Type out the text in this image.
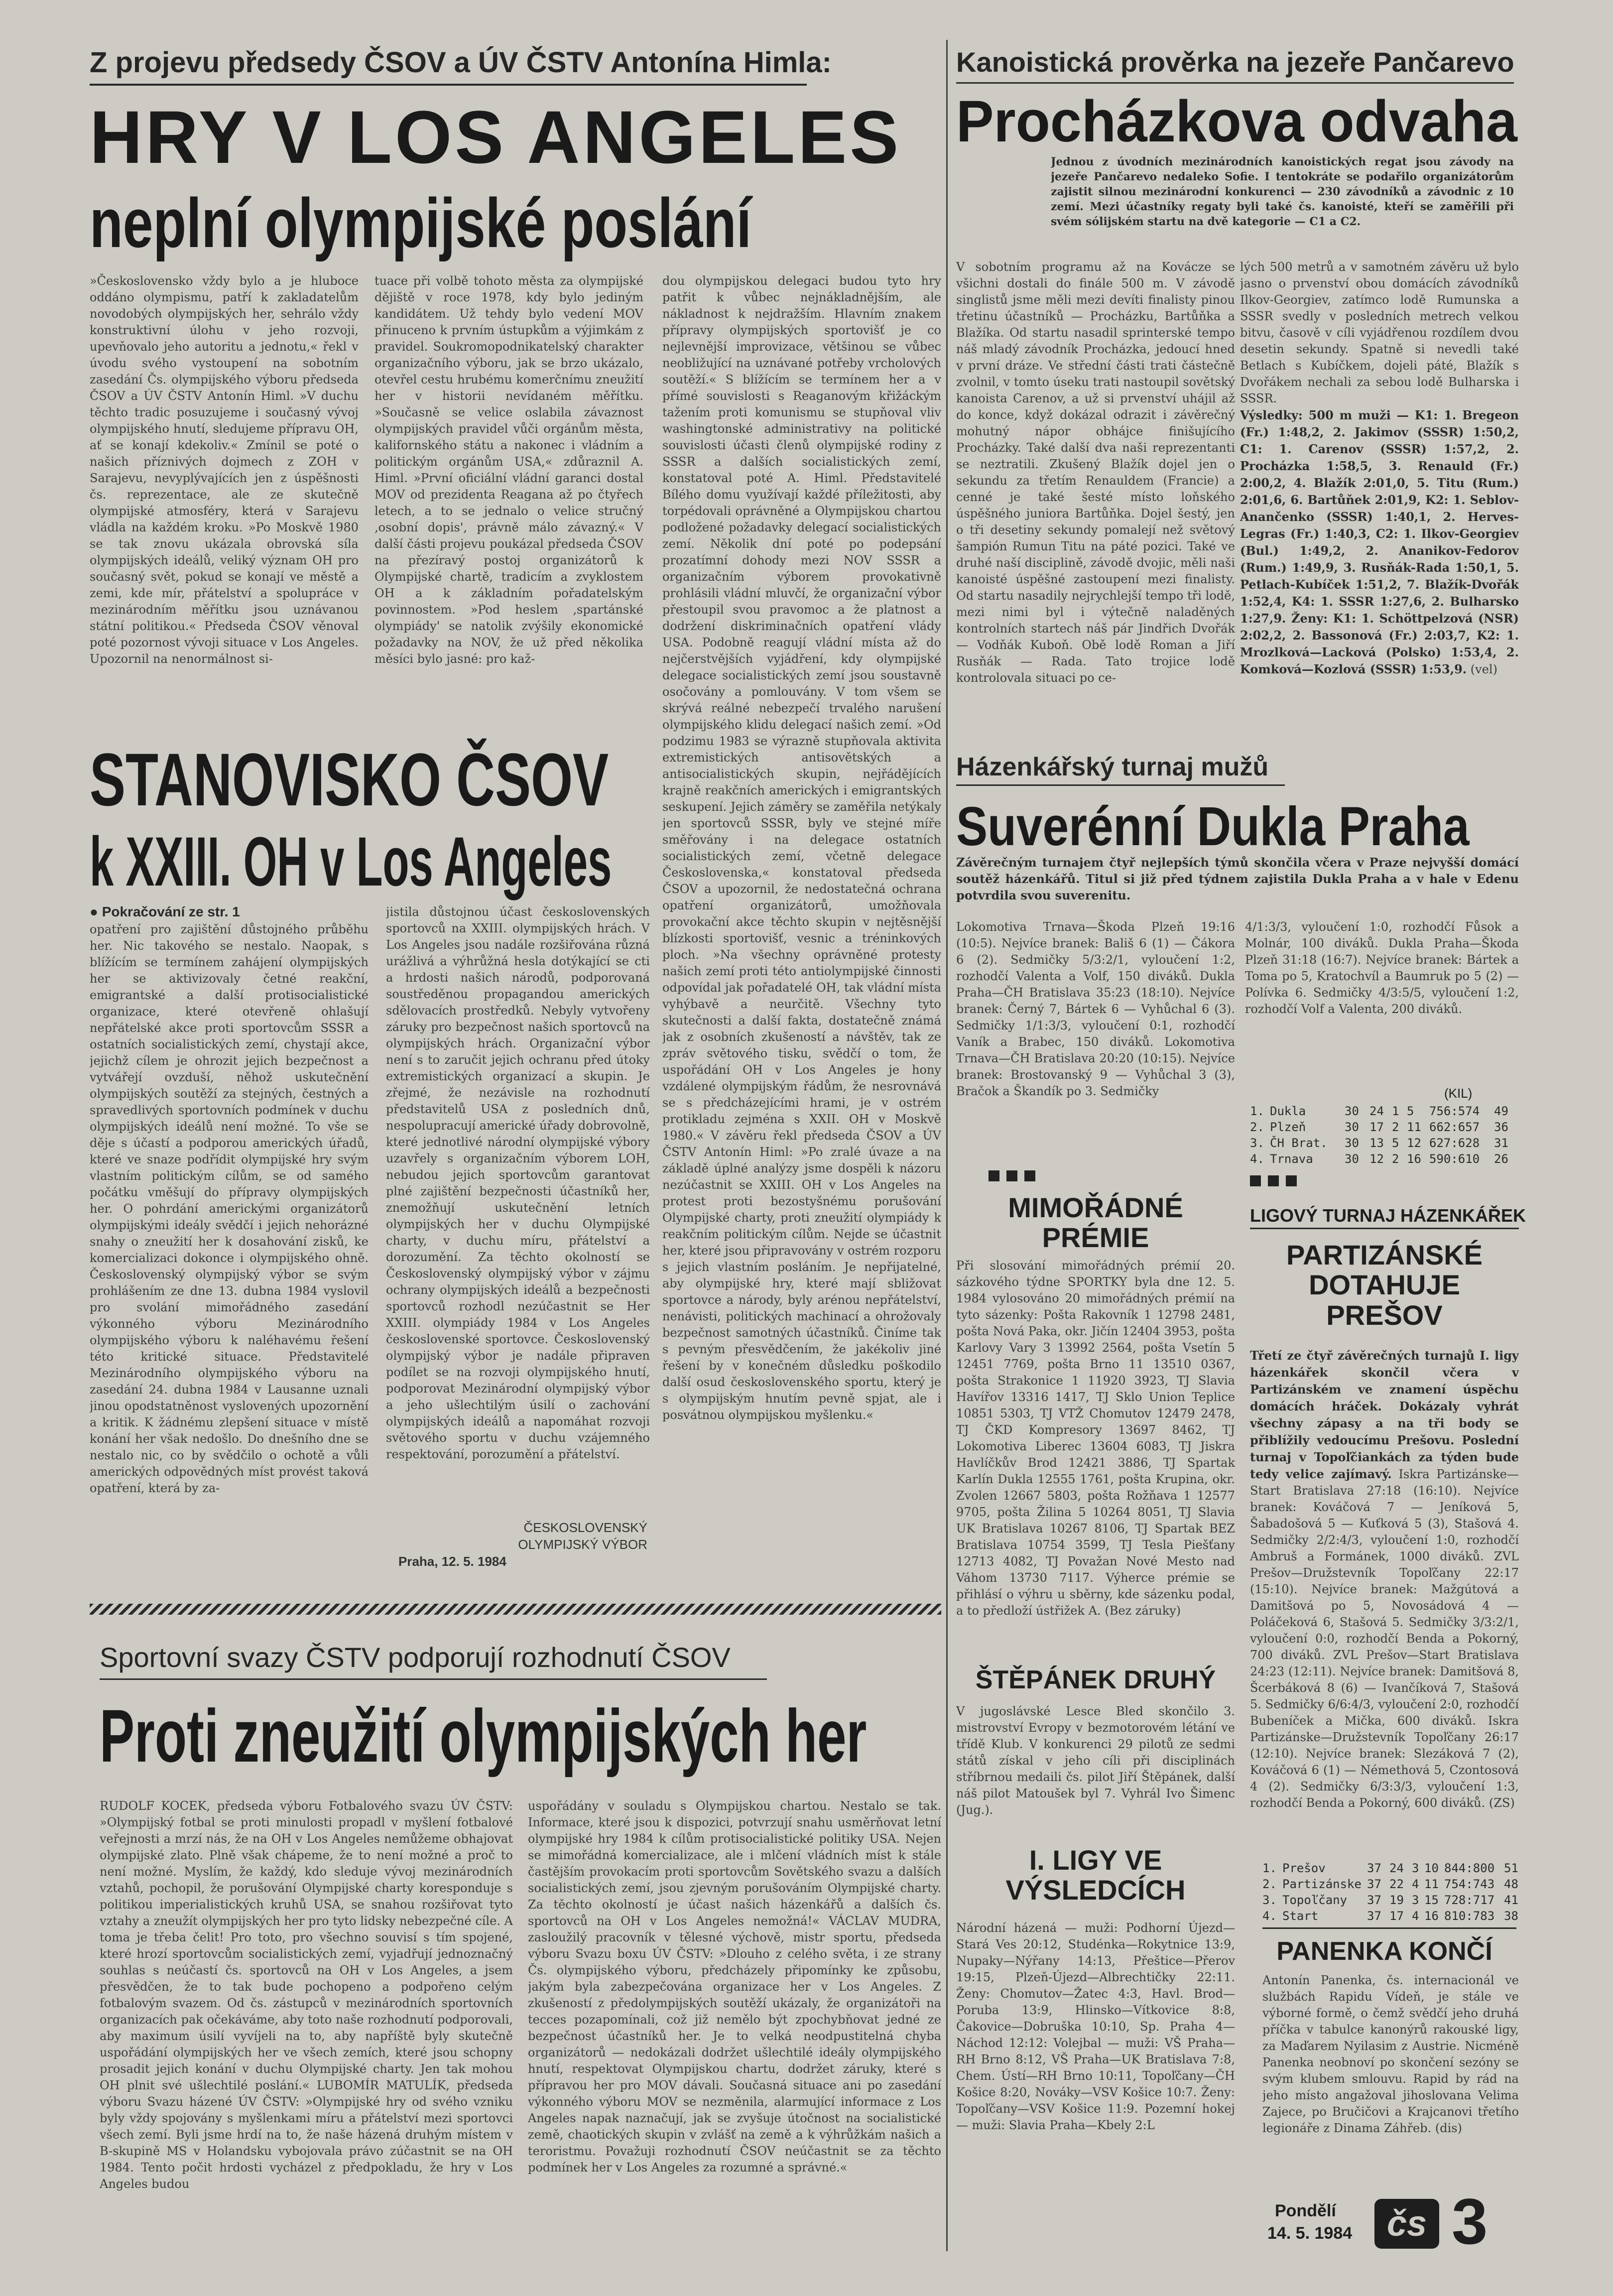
Z projevu předsedy ČSOV a ÚV ČSTV Antonína Himla:
HRY V LOS ANGELES
neplní olympijské poslání
»Československo vždy bylo a je hluboce oddáno olympismu, patří k zakladatelům novodobých olympijských her, sehrálo vždy konstruktivní úlohu v jeho rozvoji, upevňovalo jeho autoritu a jednotu,« řekl v úvodu svého vystoupení na sobotním zasedání Čs. olympijského výboru předseda ČSOV a ÚV ČSTV Antonín Himl. »V duchu těchto tradic posuzujeme i současný vývoj olympijského hnutí, sledujeme přípravu OH, ať se konají kdekoliv.« Zmínil se poté o našich příznivých dojmech z ZOH v Sarajevu, nevyplývajících jen z úspěšnosti čs. reprezentace, ale ze skutečně olympijské atmosféry, která v Sarajevu vládla na každém kroku. »Po Moskvě 1980 se tak znovu ukázala obrovská síla olympijských ideálů, veliký význam OH pro současný svět, pokud se konají ve městě a zemi, kde mír, přátelství a spolupráce v mezinárodním měřítku jsou uznávanou státní politikou.« Předseda ČSOV věnoval poté pozornost vývoji situace v Los Angeles. Upozornil na nenormálnost si-
tuace při volbě tohoto města za olympijské dějiště v roce 1978, kdy bylo jediným kandidátem. Už tehdy bylo vedení MOV přinuceno k prvním ústupkům a výjimkám z pravidel. Soukromopodnikatelský charakter organizačního výboru, jak se brzo ukázalo, otevřel cestu hrubému komerčnímu zneužití her v historii nevídaném měřítku. »Současně se velice oslabila závaznost olympijských pravidel vůči orgánům města, kalifornského státu a nakonec i vládním a politickým orgánům USA,« zdůraznil A. Himl. »První oficiální vládní garanci dostal MOV od prezidenta Reagana až po čtyřech letech, a to se jednalo o velice stručný ‚osobní dopis', právně málo závazný.« V další části projevu poukázal předseda ČSOV na přezíravý postoj organizátorů k Olympijské chartě, tradicím a zvyklostem OH a k základním pořadatelským povinnostem. »Pod heslem ‚spartánské olympiády' se natolik zvýšily ekonomické požadavky na NOV, že už před několika měsíci bylo jasné: pro kaž-
dou olympijskou delegaci budou tyto hry patřit k vůbec nejnákladnějším, ale nákladnost k nejdražším. Hlavním znakem přípravy olympijských sportovišť je co nejlevnější improvizace, většinou se vůbec neobližující na uznávané potřeby vrcholových soutěží.« S blížícím se termínem her a v přímé souvislosti s Reaganovým křižáckým tažením proti komunismu se stupňoval vliv washingtonské administrativy na politické souvislosti účasti členů olympijské rodiny z SSSR a dalších socialistických zemí, konstatoval poté A. Himl. Představitelé Bílého domu využívají každé příležitosti, aby torpédovali oprávněné a Olympijskou chartou podložené požadavky delegací socialistických zemí. Několik dní poté po podepsání prozatímní dohody mezi NOV SSSR a organizačním výborem provokativně prohlásili vládní mluvčí, že organizační výbor přestoupil svou pravomoc a že platnost a dodržení diskriminačních opatření vlády USA. Podobně reagují vládní místa až do nejčerstvějších vyjádření, kdy olympijské delegace socialistických zemí jsou soustavně osočovány a pomlouvány. V tom všem se skrývá reálné nebezpečí trvalého narušení olympijského klidu delegací našich zemí. »Od podzimu 1983 se výrazně stupňovala aktivita extremistických antisovětských a antisocialistických skupin, nejřádějících krajně reakčních amerických i emigrantských seskupení. Jejich záměry se zaměřila netýkaly jen sportovců SSSR, byly ve stejné míře směřovány i na delegace ostatních socialistických zemí, včetně delegace Československa,« konstatoval předseda ČSOV a upozornil, že nedostatečná ochrana opatření organizátorů, umožňovala provokační akce těchto skupin v nejtěsnější blízkosti sportovišť, vesnic a tréninkových ploch. »Na všechny oprávněné protesty našich zemí proti této antiolympijské činnosti odpovídal jak pořadatelé OH, tak vládní místa vyhýbavě a neurčitě. Všechny tyto skutečnosti a další fakta, dostatečně známá jak z osobních zkušeností a návštěv, tak ze zpráv světového tisku, svědčí o tom, že uspořádání OH v Los Angeles je hony vzdálené olympijským řádům, že nesrovnává se s předcházejícími hrami, je v ostrém protikladu zejména s XXII. OH v Moskvě 1980.« V závěru řekl předseda ČSOV a ÚV ČSTV Antonín Himl: »Po zralé úvaze a na základě úplné analýzy jsme dospěli k názoru nezúčastnit se XXIII. OH v Los Angeles na protest proti bezostyšnému porušování Olympijské charty, proti zneužití olympiády k reakčním politickým cílům. Nejde se účastnit her, které jsou připravovány v ostrém rozporu s jejich vlastním posláním. Je nepřijatelné, aby olympijské hry, které mají sbližovat sportovce a národy, byly arénou nepřátelství, nenávisti, politických machinací a ohrožovaly bezpečnost samotných účastníků. Činíme tak s pevným přesvědčením, že jakékoliv jiné řešení by v konečném důsledku poškodilo další osud československého sportu, který je s olympijským hnutím pevně spjat, ale i posvátnou olympijskou myšlenku.«
STANOVISKO ČSOV
k XXIII. OH v Los Angeles
● Pokračování ze str. 1
opatření pro zajištění důstojného průběhu her. Nic takového se nestalo. Naopak, s blížícím se termínem zahájení olympijských her se aktivizovaly četné reakční, emigrantské a další protisocialistické organizace, které otevřeně ohlašují nepřátelské akce proti sportovcům SSSR a ostatních socialistických zemí, chystají akce, jejichž cílem je ohrozit jejich bezpečnost a vytvářejí ovzduší, něhož uskutečnění olympijských soutěží za stejných, čestných a spravedlivých sportovních podmínek v duchu olympijských ideálů není možné. To vše se děje s účastí a podporou amerických úřadů, které ve snaze podřídit olympijské hry svým vlastním politickým cílům, se od samého počátku vměšují do přípravy olympijských her. O pohrdání americkými organizátorů olympijskými ideály svědčí i jejich nehorázné snahy o zneužití her k dosahování zisků, ke komercializaci dokonce i olympijského ohně. Československý olympijský výbor se svým prohlášením ze dne 13. dubna 1984 vyslovil pro svolání mimořádného zasedání výkonného výboru Mezinárodního olympijského výboru k naléhavému řešení této kritické situace. Představitelé Mezinárodního olympijského výboru na zasedání 24. dubna 1984 v Lausanne uznali jinou opodstatněnost vyslovených upozornění a kritik. K žádnému zlepšení situace v místě konání her však nedošlo. Do dnešního dne se nestalo nic, co by svědčilo o ochotě a vůli amerických odpovědných míst provést taková opatření, která by za-
jistila důstojnou účast československých sportovců na XXIII. olympijských hrách. V Los Angeles jsou nadále rozšiřována různá urážlivá a výhrůžná hesla dotýkající se cti a hrdosti našich národů, podporovaná soustředěnou propagandou amerických sdělovacích prostředků. Nebyly vytvořeny záruky pro bezpečnost našich sportovců na olympijských hrách. Organizační výbor není s to zaručit jejich ochranu před útoky extremistických organizací a skupin. Je zřejmé, že nezávisle na rozhodnutí představitelů USA z posledních dnů, nespolupracují americké úřady dobrovolně, které jednotlivé národní olympijské výbory uzavřely s organizačním výborem LOH, nebudou jejich sportovcům garantovat plné zajištění bezpečnosti účastníků her, znemožňují uskutečnění letních olympijských her v duchu Olympijské charty, v duchu míru, přátelství a dorozumění. Za těchto okolností se Československý olympijský výbor v zájmu ochrany olympijských ideálů a bezpečnosti sportovců rozhodl nezúčastnit se Her XXIII. olympiády 1984 v Los Angeles československé sportovce. Československý olympijský výbor je nadále připraven podílet se na rozvoji olympijského hnutí, podporovat Mezinárodní olympijský výbor a jeho ušlechtilým úsilí o zachování olympijských ideálů a napomáhat rozvoji světového sportu v duchu vzájemného respektování, porozumění a přátelství.
ČESKOSLOVENSKÝ OLYMPIJSKÝ VÝBOR
Praha, 12. 5. 1984
Sportovní svazy ČSTV podporují rozhodnutí ČSOV
Proti zneužití olympijských her
RUDOLF KOCEK, předseda výboru Fotbalového svazu ÚV ČSTV: »Olympijský fotbal se proti minulosti propadl v myšlení fotbalové veřejnosti a mrzí nás, že na OH v Los Angeles nemůžeme obhajovat olympijské zlato. Plně však chápeme, že to není možné a proč to není možné. Myslím, že každý, kdo sleduje vývoj mezinárodních vztahů, pochopil, že porušování Olympijské charty koresponduje s politikou imperialistických kruhů USA, se snahou rozšiřovat tyto vztahy a zneužít olympijských her pro tyto lidsky nebezpečné cíle. A toma je třeba čelit! Pro toto, pro všechno souvisí s tím spojené, které hrozí sportovcům socialistických zemí, vyjadřují jednoznačný souhlas s neúčastí čs. sportovců na OH v Los Angeles, a jsem přesvědčen, že to tak bude pochopeno a podpořeno celým fotbalovým svazem. Od čs. zástupců v mezinárodních sportovních organizacích pak očekáváme, aby toto naše rozhodnutí podporovali, aby maximum úsilí vyvíjeli na to, aby napříště byly skutečně uspořádání olympijských her ve všech zemích, které jsou schopny prosadit jejich konání v duchu Olympijské charty. Jen tak mohou OH plnit své ušlechtilé poslání.« LUBOMÍR MATULÍK, předseda výboru Svazu házené ÚV ČSTV: »Olympijské hry od svého vzniku byly vždy spojovány s myšlenkami míru a přátelství mezi sportovci všech zemí. Byli jsme hrdí na to, že naše házená druhým místem v B-skupině MS v Holandsku vybojovala právo zúčastnit se na OH 1984. Tento počit hrdosti vycházel z předpokladu, že hry v Los Angeles budou
uspořádány v souladu s Olympijskou chartou. Nestalo se tak. Informace, které jsou k dispozici, potvrzují snahu usměrňovat letní olympijské hry 1984 k cílům protisocialistické politiky USA. Nejen se mimořádná komercializace, ale i mlčení vládních míst k stále častějším provokacím proti sportovcům Sovětského svazu a dalších socialistických zemí, jsou zjevným porušováním Olympijské charty. Za těchto okolností je účast našich házenkářů a dalších čs. sportovců na OH v Los Angeles nemožná!« VÁCLAV MUDRA, zasloužilý pracovník v tělesné výchově, mistr sportu, předseda výboru Svazu boxu ÚV ČSTV: »Dlouho z celého světa, i ze strany Čs. olympijského výboru, předcházely připomínky ke způsobu, jakým byla zabezpečována organizace her v Los Angeles. Z zkušeností z předolympijských soutěží ukázaly, že organizátoři na tecces pozapomínali, což již nemělo být zpochybňovat jedné ze bezpečnost účastníků her. Je to velká neodpustitelná chyba organizátorů — nedokázali dodržet ušlechtilé ideály olympijského hnutí, respektovat Olympijskou chartu, dodržet záruky, které s přípravou her pro MOV dávali. Současná situace ani po zasedání výkonného výboru MOV se nezměnila, alarmující informace z Los Angeles napak naznačují, jak se zvyšuje útočnost na socialistické země, chaotických skupin v zvlášť na země a k výhrůžkám našich a teroristmu. Považuji rozhodnutí ČSOV neúčastnit se za těchto podmínek her v Los Angeles za rozumné a správné.«
Kanoistická prověrka na jezeře Pančarevo
Procházkova odvaha
Jednou z úvodních mezinárodních kanoistických regat jsou závody na jezeře Pančarevo nedaleko Sofie. I tentokráte se podařilo organizátorům zajistit silnou mezinárodní konkurenci — 230 závodníků a závodnic z 10 zemí. Mezi účastníky regaty byli také čs. kanoisté, kteří se zaměřili při svém sólijském startu na dvě kategorie — C1 a C2.
V sobotním programu až na Kovácze se všichni dostali do finále 500 m. V závodě singlistů jsme měli mezi devíti finalisty pinou třetinu účastníků — Procházku, Bartůňka a Blažíka. Od startu nasadil sprinterské tempo náš mladý závodník Procházka, jedoucí hned v první dráze. Ve střední části trati částečně zvolnil, v tomto úseku trati nastoupil sovětský kanoista Carenov, a už si prvenství uhájil až do konce, když dokázal odrazit i závěrečný mohutný nápor obhájce finišujícího Procházky. Také další dva naši reprezentanti se neztratili. Zkušený Blažík dojel jen o sekundu za třetím Renauldem (Francie) a cenné je také šesté místo loňského úspěšného juniora Bartůňka. Dojel šestý, jen o tři desetiny sekundy pomalejí než světový šampión Rumun Titu na páté pozici. Také ve druhé naší disciplině, závodě dvojic, měli naši kanoisté úspěšné zastoupení mezi finalisty. Od startu nasadily nejrychlejší tempo tři lodě, mezi nimi byl i výtečně naladěných kontrolních startech náš pár Jindřich Dvořák — Vodňák Kuboň. Obě lodě Roman a Jiří Rusňák — Rada. Tato trojice lodě kontrolovala situaci po ce-
lých 500 metrů a v samotném závěru už bylo jasno o prvenství obou domácích závodníků Ilkov-Georgiev, zatímco lodě Rumunska a SSSR svedly v posledních metrech velkou bitvu, časově v cíli vyjádřenou rozdílem dvou desetin sekundy. Spatně si nevedli také Betlach s Kubíčkem, dojeli páté, Blažík s Dvořákem nechali za sebou lodě Bulharska i SSSR.
Výsledky: 500 m muži — K1: 1. Bregeon (Fr.) 1:48,2, 2. Jakimov (SSSR) 1:50,2, C1: 1. Carenov (SSSR) 1:57,2, 2. Procházka 1:58,5, 3. Renauld (Fr.) 2:00,2, 4. Blažík 2:01,0, 5. Titu (Rum.) 2:01,6, 6. Bartůňek 2:01,9, K2: 1. Seblov-Anančenko (SSSR) 1:40,1, 2. Herves-Legras (Fr.) 1:40,3, C2: 1. Ilkov-Georgiev (Bul.) 1:49,2, 2. Ananikov-Fedorov (Rum.) 1:49,9, 3. Rusňák-Rada 1:50,1, 5. Petlach-Kubíček 1:51,2, 7. Blažík-Dvořák 1:52,4, K4: 1. SSSR 1:27,6, 2. Bulharsko 1:27,9. Ženy: K1: 1. Schöttpelzová (NSR) 2:02,2, 2. Bassonová (Fr.) 2:03,7, K2: 1. Mrozlková—Lacková (Polsko) 1:53,4, 2. Komková—Kozlová (SSSR) 1:53,9. (vel)
Házenkářský turnaj mužů
Suverénní Dukla Praha
Závěrečným turnajem čtyř nejlepších týmů skončila včera v Praze nejvyšší domácí soutěž házenkářů. Titul si již před týdnem zajistila Dukla Praha a v hale v Edenu potvrdila svou suverenitu.
Lokomotiva Trnava—Škoda Plzeň 19:16 (10:5). Nejvíce branek: Bališ 6 (1) — Čákora 6 (2). Sedmičky 5/3:2/1, vyloučení 1:2, rozhodčí Valenta a Volf, 150 diváků. Dukla Praha—ČH Bratislava 35:23 (18:10). Nejvíce branek: Černý 7, Bártek 6 — Vyhůchal 6 (3). Sedmičky 1/1:3/3, vyloučení 0:1, rozhodčí Vaník a Brabec, 150 diváků. Lokomotiva Trnava—ČH Bratislava 20:20 (10:15). Nejvíce branek: Brostovanský 9 — Vyhůchal 3 (3), Bračok a Škandík po 3. Sedmičky
4/1:3/3, vyloučení 1:0, rozhodčí Fůsok a Molnár, 100 diváků. Dukla Praha—Škoda Plzeň 31:18 (16:7). Nejvíce branek: Bártek a Toma po 5, Kratochvíl a Baumruk po 5 (2) — Polívka 6. Sedmičky 4/3:5/5, vyloučení 1:2, rozhodčí Volf a Valenta, 200 diváků.
(KIL)
1. Dukla	30 24 1 5	756:574	49
2. Plzeň	30 17 2 11 662:657	36
3. ČH Brat.	30 13 5 12 627:628	31
4. Trnava	30 12 2 16 590:610	26
MIMOŘÁDNÉ PRÉMIE
Při slosování mimořádných prémií 20. sázkového týdne SPORTKY byla dne 12. 5. 1984 vylosováno 20 mimořádných prémií na tyto sázenky: Pošta Rakovník 1 12798 2481, pošta Nová Paka, okr. Jičín 12404 3953, pošta Karlovy Vary 3 13992 2564, pošta Vsetín 5 12451 7769, pošta Brno 11 13510 0367, pošta Strakonice 1 11920 3923, TJ Slavia Havířov 13316 1417, TJ Sklo Union Teplice 10851 5303, TJ VTŽ Chomutov 12479 2478, TJ ČKD Kompresory 13697 8462, TJ Lokomotiva Liberec 13604 6083, TJ Jiskra Havlíčkův Brod 12421 3886, TJ Spartak Karlín Dukla 12555 1761, pošta Krupina, okr. Zvolen 12667 5803, pošta Rožňava 1 12577 9705, pošta Žilina 5 10264 8051, TJ Slavia UK Bratislava 10267 8106, TJ Spartak BEZ Bratislava 10754 3599, TJ Tesla Piešťany 12713 4082, TJ Považan Nové Mesto nad Váhom 13730 7117. Výherce prémie se přihlásí o výhru u sběrny, kde sázenku podal, a to předloží ústřižek A. (Bez záruky)
LIGOVÝ TURNAJ HÁZENKÁŘEK
PARTIZÁNSKÉ DOTAHUJE PREŠOV
Třetí ze čtyř závěrečných turnajů I. ligy házenkářek skončil včera v Partizánském ve znamení úspěchu domácích hráček. Dokázaly vyhrát všechny zápasy a na tři body se přiblížily vedoucímu Prešovu. Poslední turnaj v Topoľčiankách za týden bude tedy velice zajímavý. Iskra Partizánske—Start Bratislava 27:18 (16:10). Nejvíce branek: Kováčová 7 — Jeníková 5, Šabadošová 5 — Kuťková 5 (3), Stašová 4. Sedmičky 2/2:4/3, vyloučení 1:0, rozhodčí Ambruš a Formánek, 1000 diváků. ZVL Prešov—Družstevník Topoľčany 22:17 (15:10). Nejvíce branek: Mažgútová a Damitšová po 5, Novosádová 4 — Poláčeková 6, Stašová 5. Sedmičky 3/3:2/1, vyloučení 0:0, rozhodčí Benda a Pokorný, 700 diváků. ZVL Prešov—Start Bratislava 24:23 (12:11). Nejvíce branek: Damitšová 8, Šcerbáková 8 (6) — Ivančíková 7, Stašová 5. Sedmičky 6/6:4/3, vyloučení 2:0, rozhodčí Bubeníček a Mička, 600 diváků. Iskra Partizánske—Družstevník Topoľčany 26:17 (12:10). Nejvíce branek: Slezáková 7 (2), Kováčová 6 (1) — Némethová 5, Czontosová 4 (2). Sedmičky 6/3:3/3, vyloučení 1:3, rozhodčí Benda a Pokorný, 600 diváků. (ZS)
1. Prešov	37 24 3 10 844:800 51
2. Partizánske 37 22 4 11 754:743 48
3. Topoľčany	37 19 3 15 728:717 41
4. Start	37 17 4 16 810:783 38
ŠTĚPÁNEK DRUHÝ
V jugoslávské Lesce Bled skončilo 3. mistrovství Evropy v bezmotorovém létání ve třídě Klub. V konkurenci 29 pilotů ze sedmi států získal v jeho cíli při disciplinách stříbrnou medaili čs. pilot Jiří Štěpánek, další náš pilot Matoušek byl 7. Vyhrál Ivo Šimenc (Jug.).
I. LIGY VE VÝSLEDCÍCH
Národní házená — muži: Podhorní Újezd—Stará Ves 20:12, Studénka—Rokytnice 13:9, Nupaky—Nýřany 14:13, Přeštice—Přerov 19:15, Plzeň-Újezd—Albrechtičky 22:11. Ženy: Chomutov—Žatec 4:3, Havl. Brod—Poruba 13:9, Hlinsko—Vítkovice 8:8, Čakovice—Dobruška 10:10, Sp. Praha 4—Náchod 12:12: Volejbal — muži: VŠ Praha—RH Brno 8:12, VŠ Praha—UK Bratislava 7:8, Chem. Ústí—RH Brno 10:11, Topoľčany—ČH Košice 8:20, Nováky—VSV Košice 10:7. Ženy: Topoľčany—VSV Košice 11:9. Pozemní hokej — muži: Slavia Praha—Kbely 2:L
PANENKA KONČÍ
Antonín Panenka, čs. internacionál ve službách Rapidu Vídeň, je stále ve výborné formě, o čemž svědčí jeho druhá příčka v tabulce kanonýrů rakouské ligy, za Maďarem Nyilasim z Austrie. Nicméně Panenka neobnoví po skončení sezóny se svým klubem smlouvu. Rapid by rád na jeho místo angažoval jihoslovana Velima Zajece, po Bručičovi a Krajcanovi třetího legionáře z Dinama Záhřeb. (dis)
Pondělí
14. 5. 1984 čs 3
